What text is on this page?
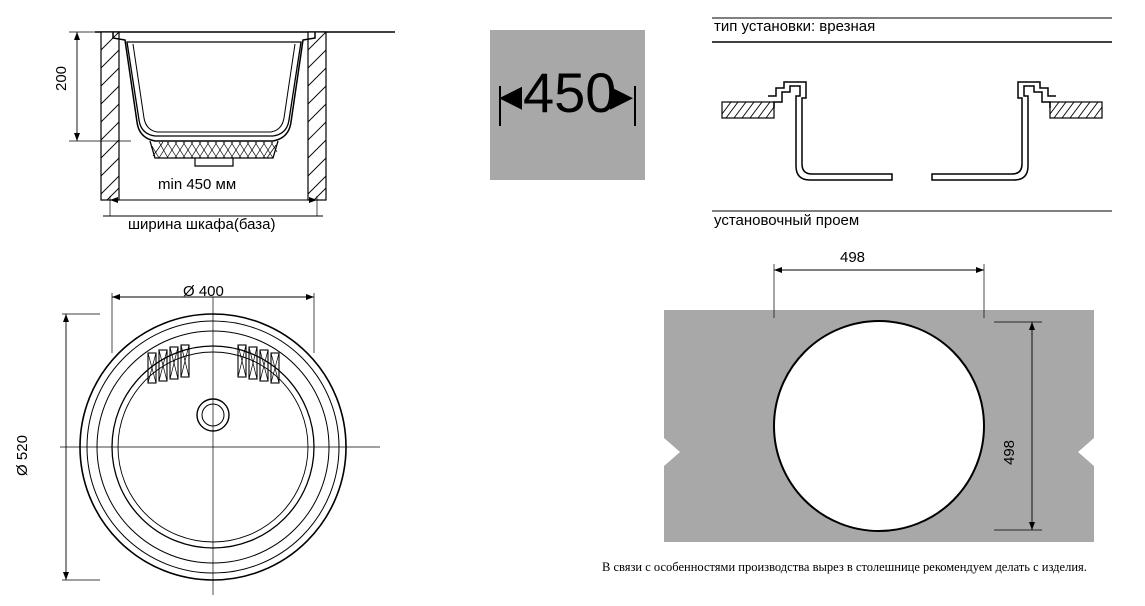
200
min 450 мм
ширина шкафа(база)
◀ 450
▶
тип установки: врезная
Ø 400
Ø 520
установочный проем
498
498
В связи с особенностями производства вырез в столешнице рекомендуем делать с изделия.
